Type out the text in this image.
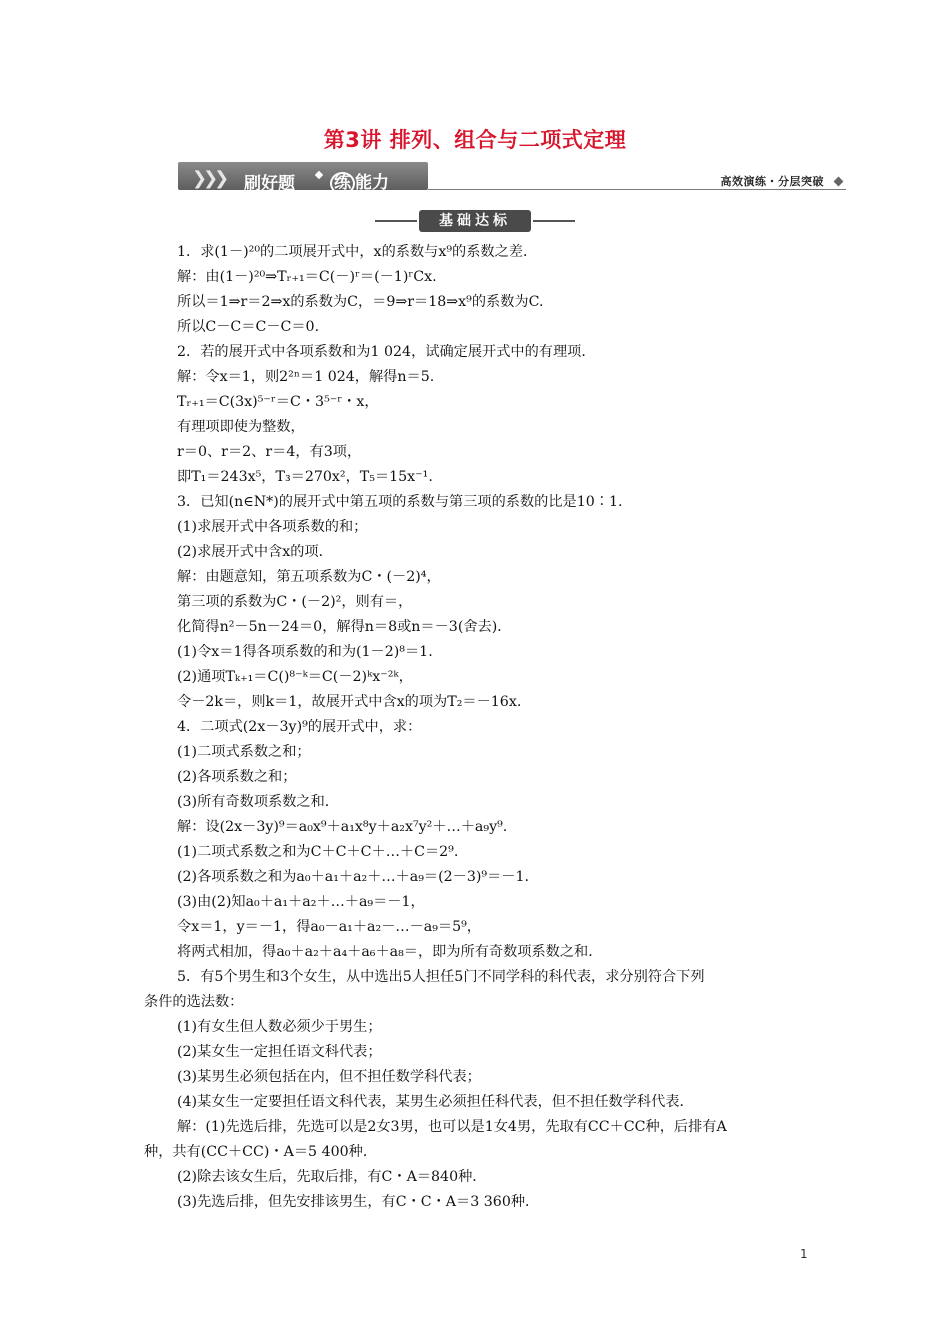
第3讲 排列、组合与二项式定理
❯❯❯ 刷好题 练 能力	高效演练・分层突破
基础达标

1．求(1－)²⁰的二项展开式中，x的系数与x⁹的系数之差．

解：由(1－)²⁰⇒Tᵣ₊₁＝C(－)ʳ＝(－1)ʳCx.

所以＝1⇒r＝2⇒x的系数为C，＝9⇒r＝18⇒x⁹的系数为C.

所以C－C＝C－C＝0.

2．若的展开式中各项系数和为1 024，试确定展开式中的有理项．

解：令x＝1，则2²ⁿ＝1 024，解得n＝5.

Tᵣ₊₁＝C(3x)⁵⁻ʳ＝C・3⁵⁻ʳ・x，

有理项即使为整数，

r＝0、r＝2、r＝4，有3项，

即T₁＝243x⁵，T₃＝270x²，T₅＝15x⁻¹.

3．已知(n∈N*)的展开式中第五项的系数与第三项的系数的比是10∶1.

(1)求展开式中各项系数的和；

(2)求展开式中含x的项．

解：由题意知，第五项系数为C・(－2)⁴，

第三项的系数为C・(－2)²，则有＝，

化简得n²－5n－24＝0，解得n＝8或n＝－3(舍去)．

(1)令x＝1得各项系数的和为(1－2)⁸＝1.

(2)通项Tₖ₊₁＝C()⁸⁻ᵏ＝C(－2)ᵏx⁻²ᵏ，

令－2k＝，则k＝1，故展开式中含x的项为T₂＝－16x.

4．二项式(2x－3y)⁹的展开式中，求：

(1)二项式系数之和；

(2)各项系数之和；

(3)所有奇数项系数之和．

解：设(2x－3y)⁹＝a₀x⁹＋a₁x⁸y＋a₂x⁷y²＋…＋a₉y⁹.

(1)二项式系数之和为C＋C＋C＋…＋C＝2⁹.

(2)各项系数之和为a₀＋a₁＋a₂＋…＋a₉＝(2－3)⁹＝－1.

(3)由(2)知a₀＋a₁＋a₂＋…＋a₉＝－1，

令x＝1，y＝－1，得a₀－a₁＋a₂－…－a₉＝5⁹，

将两式相加，得a₀＋a₂＋a₄＋a₆＋a₈＝，即为所有奇数项系数之和．

5．有5个男生和3个女生，从中选出5人担任5门不同学科的科代表，求分别符合下列

条件的选法数：

(1)有女生但人数必须少于男生；

(2)某女生一定担任语文科代表；

(3)某男生必须包括在内，但不担任数学科代表；

(4)某女生一定要担任语文科代表，某男生必须担任科代表，但不担任数学科代表．

解：(1)先选后排，先选可以是2女3男，也可以是1女4男，先取有CC＋CC种，后排有A

种，共有(CC＋CC)・A＝5 400种．

(2)除去该女生后，先取后排，有C・A＝840种．

(3)先选后排，但先安排该男生，有C・C・A＝3 360种．

1
